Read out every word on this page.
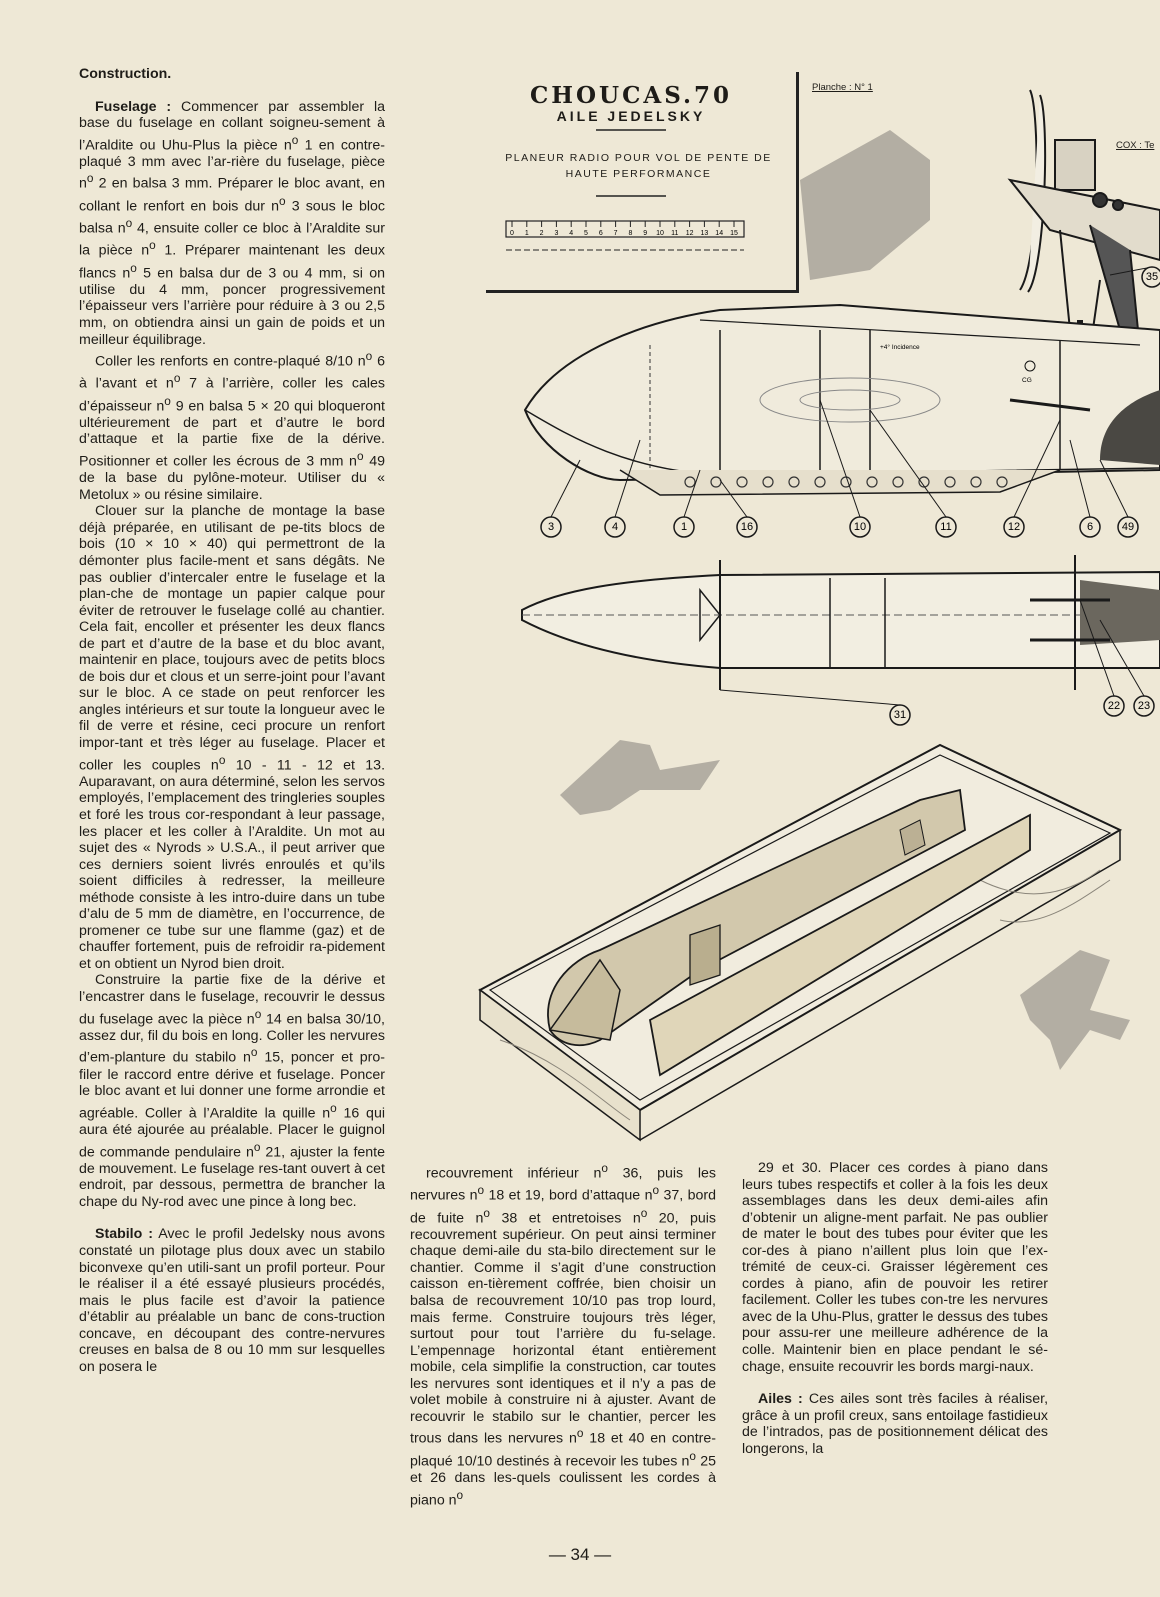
Construction.

Fuselage : Commencer par assembler la base du fuselage en collant soigneu-sement à l’Araldite ou Uhu-Plus la pièce $n^o$ 1 en contre-plaqué 3 mm avec l’ar-rière du fuselage, pièce $n^o$ 2 en balsa 3 mm. Préparer le bloc avant, en collant le renfort en bois dur $n^o$ 3 sous le bloc balsa $n^o$ 4, ensuite coller ce bloc à l’Araldite sur la pièce $n^o$ 1. Préparer maintenant les deux flancs $n^o$ 5 en balsa dur de 3 ou 4 mm, si on utilise du 4 mm, poncer progressivement l’épaisseur vers l’arrière pour réduire à 3 ou 2,5 mm, on obtiendra ainsi un gain de poids et un meilleur équilibrage.

Coller les renforts en contre-plaqué 8/10 $n^o$ 6 à l’avant et $n^o$ 7 à l’arrière, coller les cales d’épaisseur $n^o$ 9 en balsa 5 × 20 qui bloqueront ultérieurement de part et d’autre le bord d’attaque et la partie fixe de la dérive. Positionner et coller les écrous de 3 mm $n^o$ 49 de la base du pylône-moteur. Utiliser du « Metolux » ou résine similaire.

Clouer sur la planche de montage la base déjà préparée, en utilisant de pe-tits blocs de bois (10 × 10 × 40) qui permettront de la démonter plus facile-ment et sans dégâts. Ne pas oublier d’intercaler entre le fuselage et la plan-che de montage un papier calque pour éviter de retrouver le fuselage collé au chantier. Cela fait, encoller et présenter les deux flancs de part et d’autre de la base et du bloc avant, maintenir en place, toujours avec de petits blocs de bois dur et clous et un serre-joint pour l’avant sur le bloc. A ce stade on peut renforcer les angles intérieurs et sur toute la longueur avec le fil de verre et résine, ceci procure un renfort impor-tant et très léger au fuselage. Placer et coller les couples $n^o$ 10 - 11 - 12 et 13. Auparavant, on aura déterminé, selon les servos employés, l’emplacement des tringleries souples et foré les trous cor-respondant à leur passage, les placer et les coller à l’Araldite. Un mot au sujet des « Nyrods » U.S.A., il peut arriver que ces derniers soient livrés enroulés et qu’ils soient difficiles à redresser, la meilleure méthode consiste à les intro-duire dans un tube d’alu de 5 mm de diamètre, en l’occurrence, de promener ce tube sur une flamme (gaz) et de chauffer fortement, puis de refroidir ra-pidement et on obtient un Nyrod bien droit.

Construire la partie fixe de la dérive et l’encastrer dans le fuselage, recouvrir le dessus du fuselage avec la pièce $n^o$ 14 en balsa 30/10, assez dur, fil du bois en long. Coller les nervures d’em-planture du stabilo $n^o$ 15, poncer et pro-filer le raccord entre dérive et fuselage. Poncer le bloc avant et lui donner une forme arrondie et agréable. Coller à l’Araldite la quille $n^o$ 16 qui aura été ajourée au préalable. Placer le guignol de commande pendulaire $n^o$ 21, ajuster la fente de mouvement. Le fuselage res-tant ouvert à cet endroit, par dessous, permettra de brancher la chape du Ny-rod avec une pince à long bec.

Stabilo : Avec le profil Jedelsky nous avons constaté un pilotage plus doux avec un stabilo biconvexe qu’en utili-sant un profil porteur. Pour le réaliser il a été essayé plusieurs procédés, mais le plus facile est d’avoir la patience d’établir au préalable un banc de cons-truction concave, en découpant des contre-nervures creuses en balsa de 8 ou 10 mm sur lesquelles on posera le

recouvrement inférieur $n^o$ 36, puis les nervures $n^o$ 18 et 19, bord d’attaque $n^o$ 37, bord de fuite $n^o$ 38 et entretoises $n^o$ 20, puis recouvrement supérieur. On peut ainsi terminer chaque demi-aile du sta-bilo directement sur le chantier. Comme il s’agit d’une construction caisson en-tièrement coffrée, bien choisir un balsa de recouvrement 10/10 pas trop lourd, mais ferme. Construire toujours très léger, surtout pour tout l’arrière du fu-selage. L’empennage horizontal étant entièrement mobile, cela simplifie la construction, car toutes les nervures sont identiques et il n’y a pas de volet mobile à construire ni à ajuster. Avant de recouvrir le stabilo sur le chantier, percer les trous dans les nervures $n^o$ 18 et 40 en contre-plaqué 10/10 destinés à recevoir les tubes $n^o$ 25 et 26 dans les-quels coulissent les cordes à piano $n^o$

29 et 30. Placer ces cordes à piano dans leurs tubes respectifs et coller à la fois les deux assemblages dans les deux demi-ailes afin d’obtenir un aligne-ment parfait. Ne pas oublier de mater le bout des tubes pour éviter que les cor-des à piano n’aillent plus loin que l’ex-trémité de ceux-ci. Graisser légèrement ces cordes à piano, afin de pouvoir les retirer facilement. Coller les tubes con-tre les nervures avec de la Uhu-Plus, gratter le dessus des tubes pour assu-rer une meilleure adhérence de la colle. Maintenir bien en place pendant le sé-chage, ensuite recouvrir les bords margi-naux.

Ailes : Ces ailes sont très faciles à réaliser, grâce à un profil creux, sans entoilage fastidieux de l’intrados, pas de positionnement délicat des longerons, la

CHOUCAS.70
AILE JEDELSKY
PLANEUR RADIO POUR VOL DE PENTE DE HAUTE PERFORMANCE
0 1 2 3 4 5 6 7 8 9 10 11 12 13 14 15
Planche : N° 1
COX : Te
+4° Incidence
CG
3	4	1	16	10	11	12	6	49
31
22 23
35
— 34 —
